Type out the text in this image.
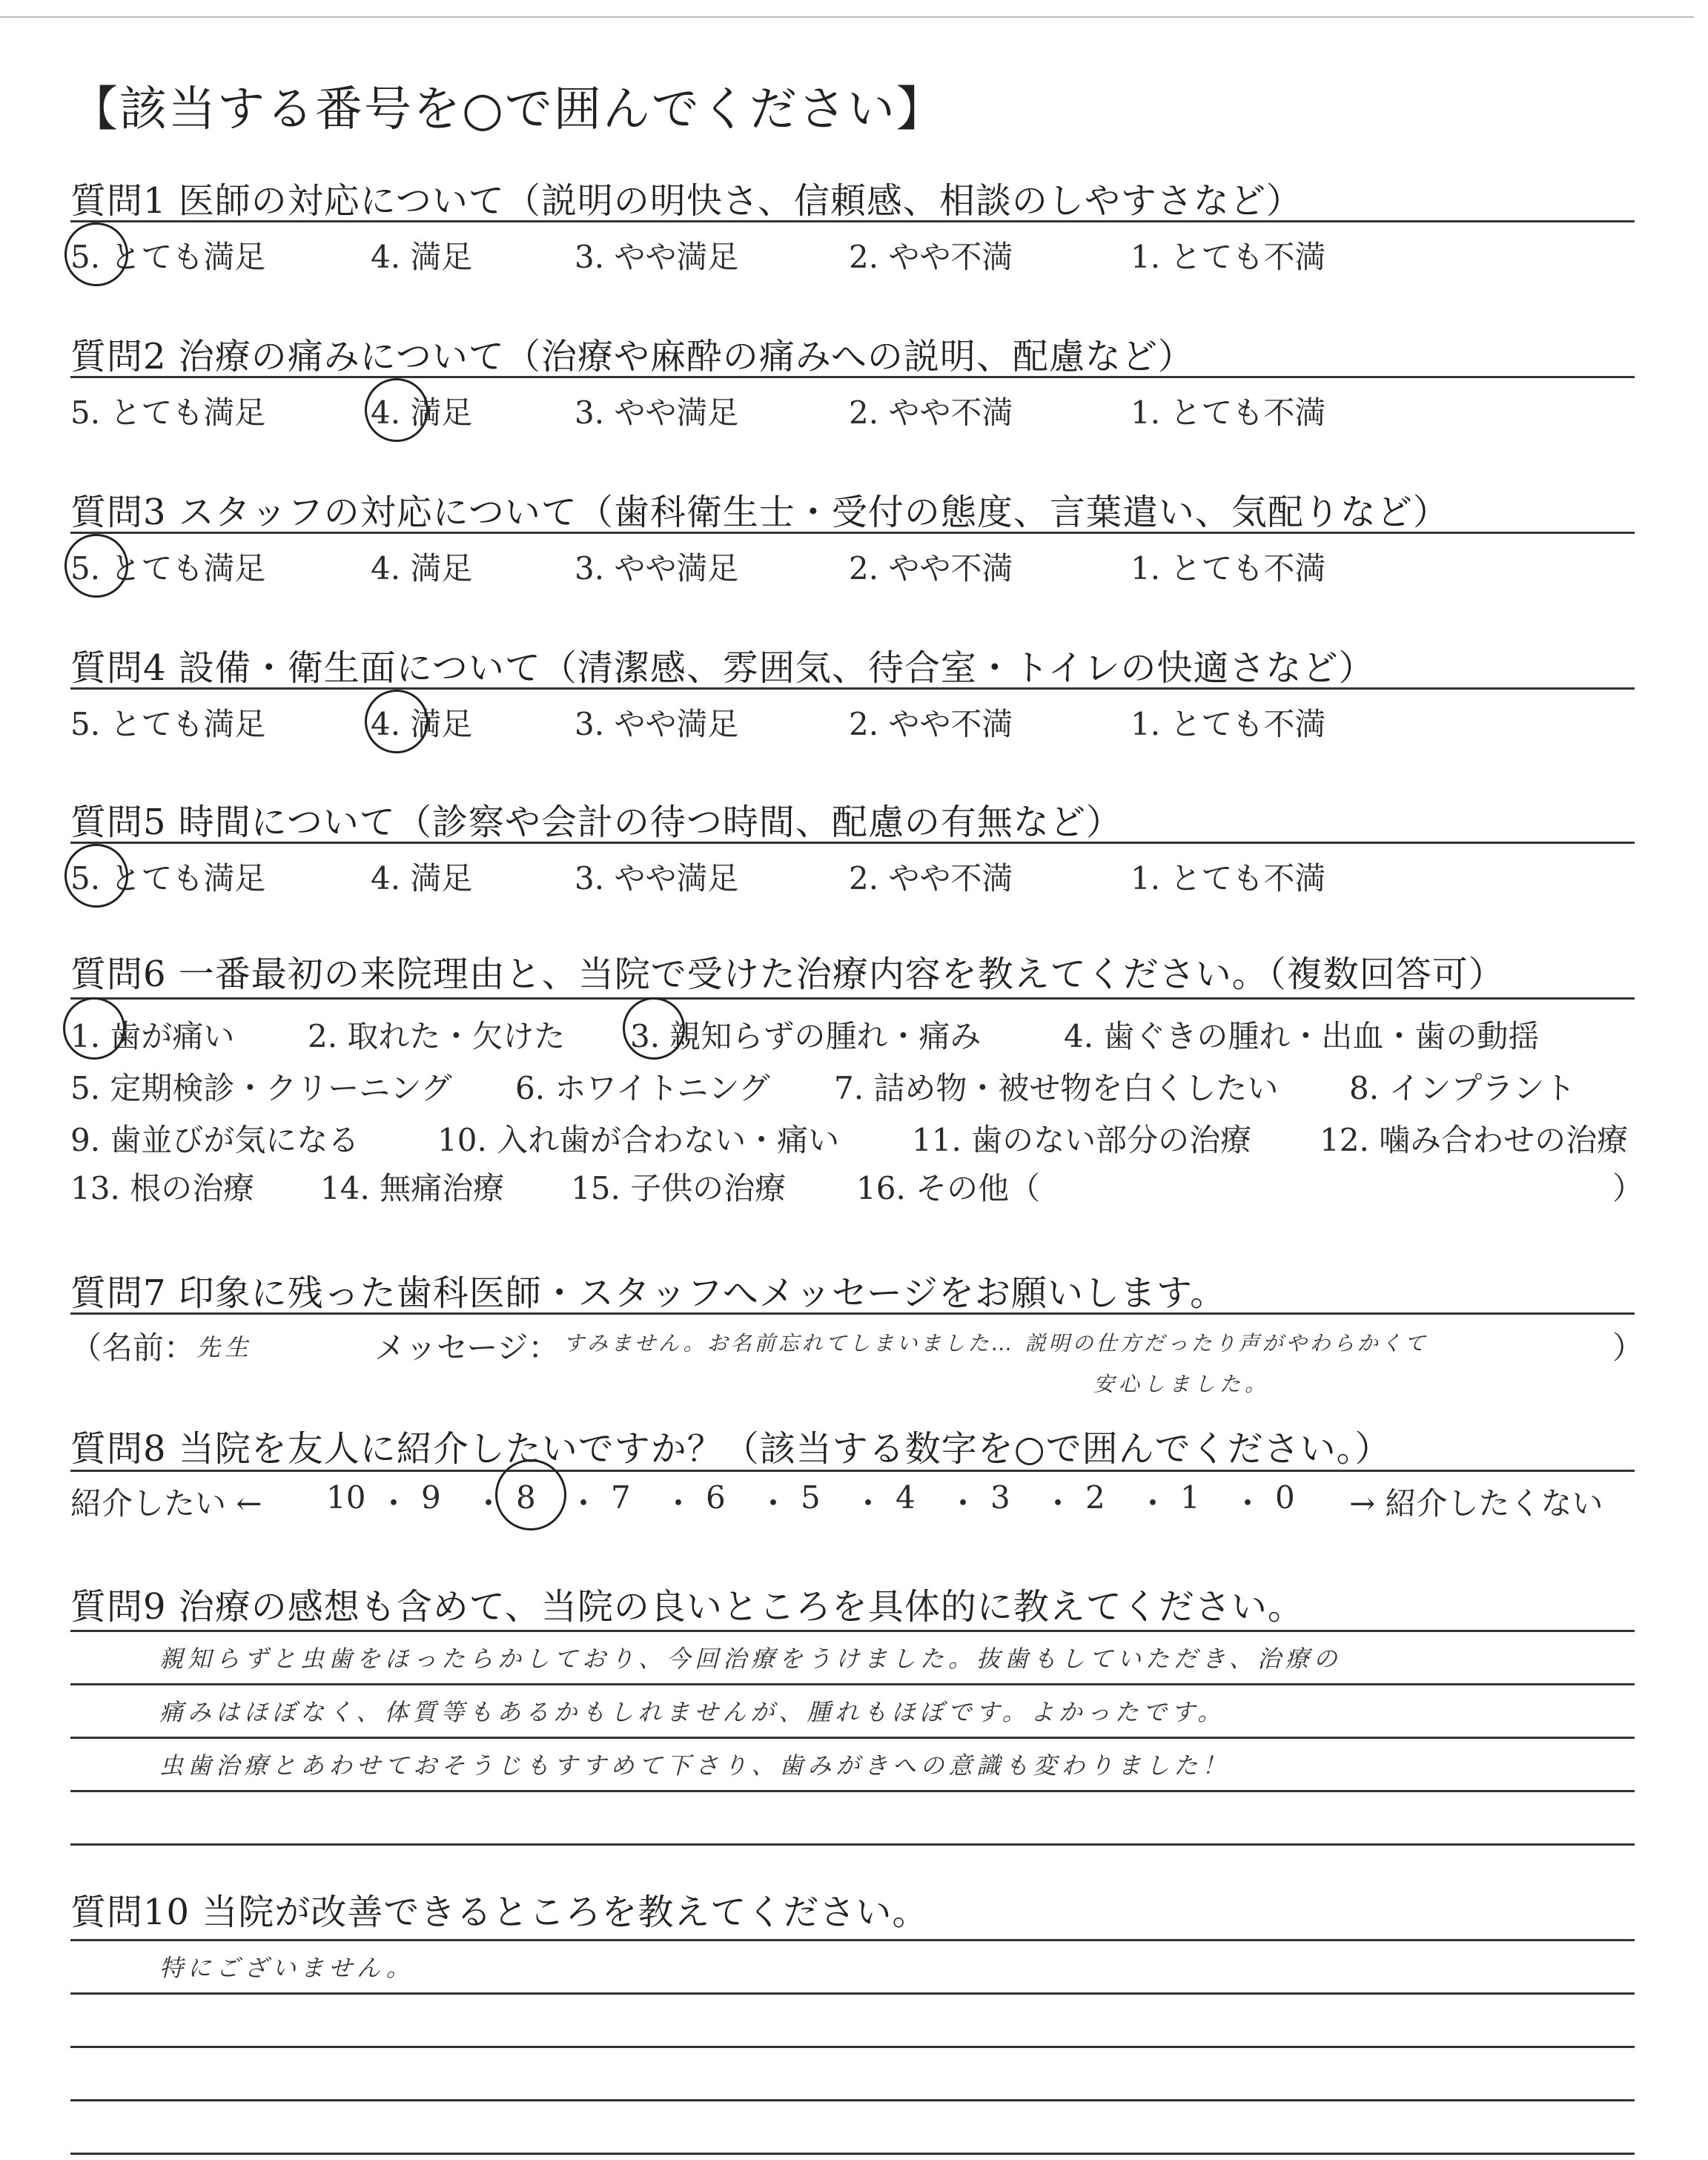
【該当する番号を○で囲んでください】
質問1 医師の対応について（説明の明快さ、信頼感、相談のしやすさなど）
5. とても満足	4. 満足	3. やや満足	2. やや不満	1. とても不満
質問2 治療の痛みについて（治療や麻酔の痛みへの説明、配慮など）
5. とても満足	4. 満足	3. やや満足	2. やや不満	1. とても不満
質問3 スタッフの対応について（歯科衛生士・受付の態度、言葉遣い、気配りなど）
5. とても満足	4. 満足	3. やや満足	2. やや不満	1. とても不満
質問4 設備・衛生面について（清潔感、雰囲気、待合室・トイレの快適さなど）
5. とても満足	4. 満足	3. やや満足	2. やや不満	1. とても不満
質問5 時間について（診察や会計の待つ時間、配慮の有無など）
5. とても満足	4. 満足	3. やや満足	2. やや不満	1. とても不満
質問6 一番最初の来院理由と、当院で受けた治療内容を教えてください。（複数回答可）
1. 歯が痛い 2. 取れた・欠けた 3. 親知らずの腫れ・痛み	4. 歯ぐきの腫れ・出血・歯の動揺
5. 定期検診・クリーニング 6. ホワイトニング 7. 詰め物・被せ物を白くしたい 8. インプラント
9. 歯並びが気になる	10. 入れ歯が合わない・痛い 11. 歯のない部分の治療 12. 噛み合わせの治療
13. 根の治療 14. 無痛治療 15. 子供の治療 16. その他（	）
質問7 印象に残った歯科医師・スタッフへメッセージをお願いします。
（名前： 先生	メッセージ： すみません。お名前忘れてしまいました… 説明の仕方だったり声がやわらかくて	）
安心しました。
質問8 当院を友人に紹介したいですか？（該当する数字を○で囲んでください。）
紹介したい ← 10 ・ 9 ・ 8 ・ 7 ・ 6 ・ 5 ・ 4 ・ 3 ・ 2 ・ 1 ・ 0 → 紹介したくない
質問9 治療の感想も含めて、当院の良いところを具体的に教えてください。
親知らずと虫歯をほったらかしており、今回治療をうけました。抜歯もしていただき、治療の
痛みはほぼなく、体質等もあるかもしれませんが、腫れもほぼです。よかったです。
虫歯治療とあわせておそうじもすすめて下さり、歯みがきへの意識も変わりました！
質問10 当院が改善できるところを教えてください。
特にございません。
